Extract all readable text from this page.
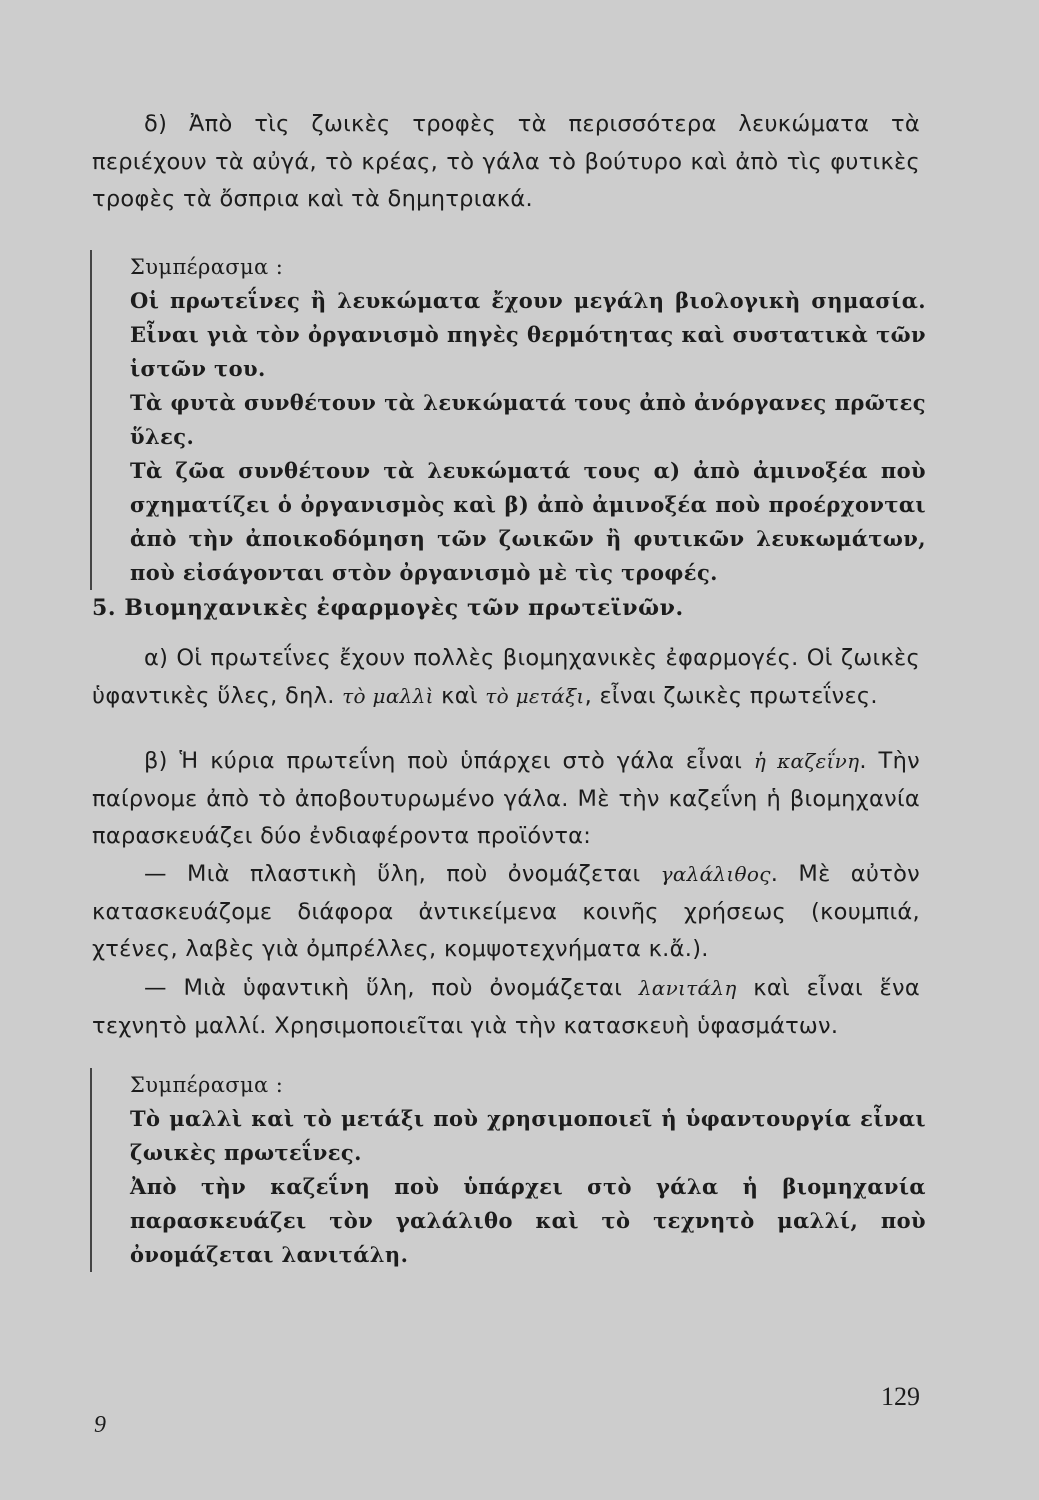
δ) Ἀπὸ τὶς ζωικὲς τροφὲς τὰ περισσότερα λευκώματα τὰ περιέχουν τὰ αὐγά, τὸ κρέας, τὸ γάλα τὸ βούτυρο καὶ ἀπὸ τὶς φυτικὲς τροφὲς τὰ ὄσπρια καὶ τὰ δημητριακά.

Συμπέρασμα :

Οἱ πρωτεΐνες ἢ λευκώματα ἔχουν μεγάλη βιολογικὴ σημασία. Εἶναι γιὰ τὸν ὀργανισμὸ πηγὲς θερμότητας καὶ συστατικὰ τῶν ἱστῶν του.

Τὰ φυτὰ συνθέτουν τὰ λευκώματά τους ἀπὸ ἀνόργανες πρῶτες ὕλες.

Τὰ ζῶα συνθέτουν τὰ λευκώματά τους α) ἀπὸ ἀμινοξέα ποὺ σχηματίζει ὁ ὀργανισμὸς καὶ β) ἀπὸ ἀμινοξέα ποὺ προέρχονται ἀπὸ τὴν ἀποικοδόμηση τῶν ζωικῶν ἢ φυτικῶν λευκωμάτων, ποὺ εἰσάγονται στὸν ὀργανισμὸ μὲ τὶς τροφές.

5. Βιομηχανικὲς ἐφαρμογὲς τῶν πρωτεϊνῶν.

α) Οἱ πρωτεΐνες ἔχουν πολλὲς βιομηχανικὲς ἐφαρμογές. Οἱ ζωικὲς ὑφαντικὲς ὕλες, δηλ. τὸ μαλλὶ καὶ τὸ μετάξι, εἶναι ζωικὲς πρωτεΐνες.

β) Ἡ κύρια πρωτεΐνη ποὺ ὑπάρχει στὸ γάλα εἶναι ἡ καζεΐνη. Τὴν παίρνομε ἀπὸ τὸ ἀποβουτυρωμένο γάλα. Μὲ τὴν καζεΐνη ἡ βιομηχανία παρασκευάζει δύο ἐνδιαφέροντα προϊόντα:

— Μιὰ πλαστικὴ ὕλη, ποὺ ὀνομάζεται γαλάλιθος. Μὲ αὐτὸν κατασκευάζομε διάφορα ἀντικείμενα κοινῆς χρήσεως (κουμπιά, χτένες, λαβὲς γιὰ ὀμπρέλλες, κομψοτεχνήματα κ.ἄ.).

— Μιὰ ὑφαντικὴ ὕλη, ποὺ ὀνομάζεται λανιτάλη καὶ εἶναι ἕνα τεχνητὸ μαλλί. Χρησιμοποιεῖται γιὰ τὴν κατασκευὴ ὑφασμάτων.

Συμπέρασμα :

Τὸ μαλλὶ καὶ τὸ μετάξι ποὺ χρησιμοποιεῖ ἡ ὑφαντουργία εἶναι ζωικὲς πρωτεΐνες.

Ἀπὸ τὴν καζεΐνη ποὺ ὑπάρχει στὸ γάλα ἡ βιομηχανία παρασκευάζει τὸν γαλάλιθο καὶ τὸ τεχνητὸ μαλλί, ποὺ ὀνομάζεται λανιτάλη.

129
9
